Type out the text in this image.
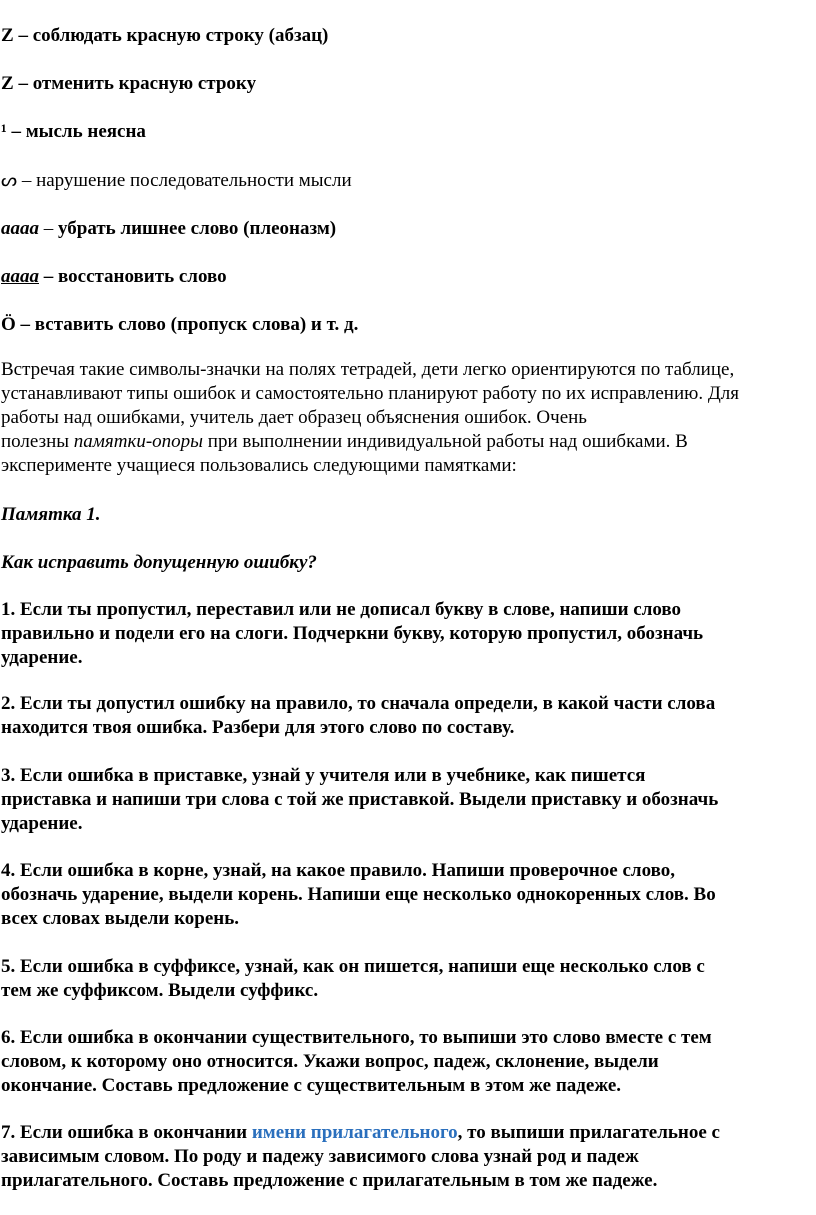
Z – соблюдать красную строку (абзац)
Z – отменить красную строку
¹ – мысль неясна
ᔕ – нарушение последовательности мысли
аааа – убрать лишнее слово (плеоназм)
аааа – восстановить слово
Ö – вставить слово (пропуск слова) и т. д.
Встречая такие символы-значки на полях тетрадей, дети легко ориентируются по таблице,
устанавливают типы ошибок и самостоятельно планируют работу по их исправлению. Для
работы над ошибками, учитель дает образец объяснения ошибок. Очень
полезны памятки-опоры при выполнении индивидуальной работы над ошибками. В
эксперименте учащиеся пользовались следующими памятками:
Памятка 1.
Как исправить допущенную ошибку?
1. Если ты пропустил, переставил или не дописал букву в слове, напиши слово
правильно и подели его на слоги. Подчеркни букву, которую пропустил, обозначь
ударение.
2. Если ты допустил ошибку на правило, то сначала определи, в какой части слова
находится твоя ошибка. Разбери для этого слово по составу.
3. Если ошибка в приставке, узнай у учителя или в учебнике, как пишется
приставка и напиши три слова с той же приставкой. Выдели приставку и обозначь
ударение.
4. Если ошибка в корне, узнай, на какое правило. Напиши проверочное слово,
обозначь ударение, выдели корень. Напиши еще несколько однокоренных слов. Во
всех словах выдели корень.
5. Если ошибка в суффиксе, узнай, как он пишется, напиши еще несколько слов с
тем же суффиксом. Выдели суффикс.
6. Если ошибка в окончании существительного, то выпиши это слово вместе с тем
словом, к которому оно относится. Укажи вопрос, падеж, склонение, выдели
окончание. Составь предложение с существительным в этом же падеже.
7. Если ошибка в окончании имени прилагательного, то выпиши прилагательное с
зависимым словом. По роду и падежу зависимого слова узнай род и падеж
прилагательного. Составь предложение с прилагательным в том же падеже.
